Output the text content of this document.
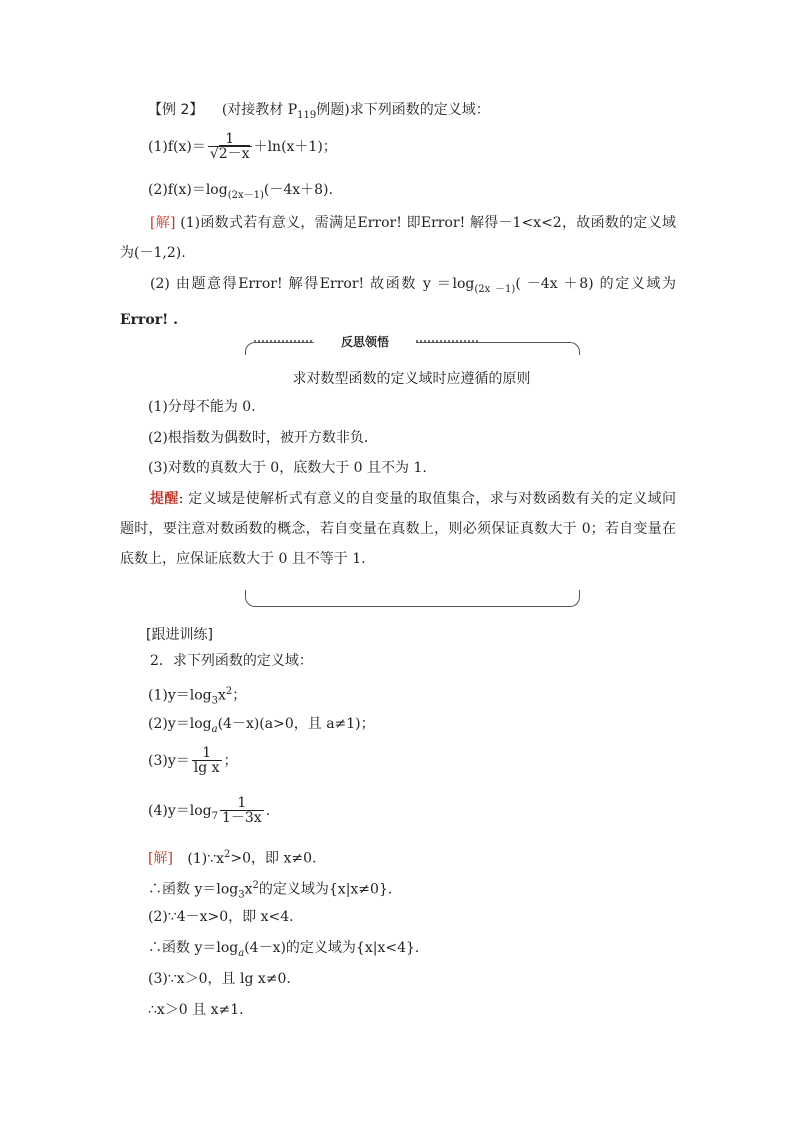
【例 2】 (对接教材 $P_{119}$例题)求下列函数的定义域：
$(1)f(x)= \frac{1}{√2-x} +\ln(x+1)$；
$(2)f(x)=\log_{(2x-1)}(-4x+8)$.
[解] (1)函数式若有意义，需满足Error! 即Error! 解得－1<x<2，故函数的定义域为(－1,2).
(2) 由题意得Error! 解得Error! 故函数 $y =\log_{(2x -1)}( -4x +8)$ 的定义域为 Error! .
反思领悟
求对数型函数的定义域时应遵循的原则
(1)分母不能为 0.
(2)根指数为偶数时，被开方数非负．
(3)对数的真数大于 0，底数大于 0 且不为 1.
提醒: 定义域是使解析式有意义的自变量的取值集合，求与对数函数有关的定义域问题时，要注意对数函数的概念，若自变量在真数上，则必须保证真数大于 0；若自变量在底数上，应保证底数大于 0 且不等于 1.
[跟进训练]
2．求下列函数的定义域：
$(1)y=\log_3x^2$；
$(2)y=\log_a(4-x)(a>0$，且 a≠1)；
$(3)y= \frac{1}{\text{lg x}}$ ；
$(4)y=\log_7 \frac{1}{1-3x}$ .
[解] $(1)\because x^2>0$，即 x≠0.
∴函数 $y=\log_3x^2$的定义域为{x|x≠0}．
(2)∵4－x>0，即 x<4.
∴函数 $y=\log_a(4-x)$的定义域为{x|x<4}．
(3)∵x＞0，且 lg x≠0.
∴x＞0 且 x≠1.
